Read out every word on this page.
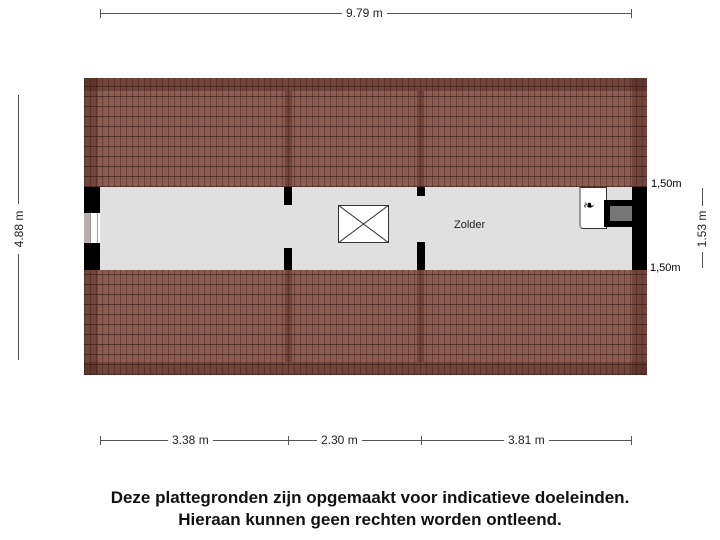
9.79 m
4.88 m	Zolder
❧
1,50m
1,50m
1.53 m
3.38 m	2.30 m	3.81 m
Deze plattegronden zijn opgemaakt voor indicatieve doeleinden.
Hieraan kunnen geen rechten worden ontleend.
